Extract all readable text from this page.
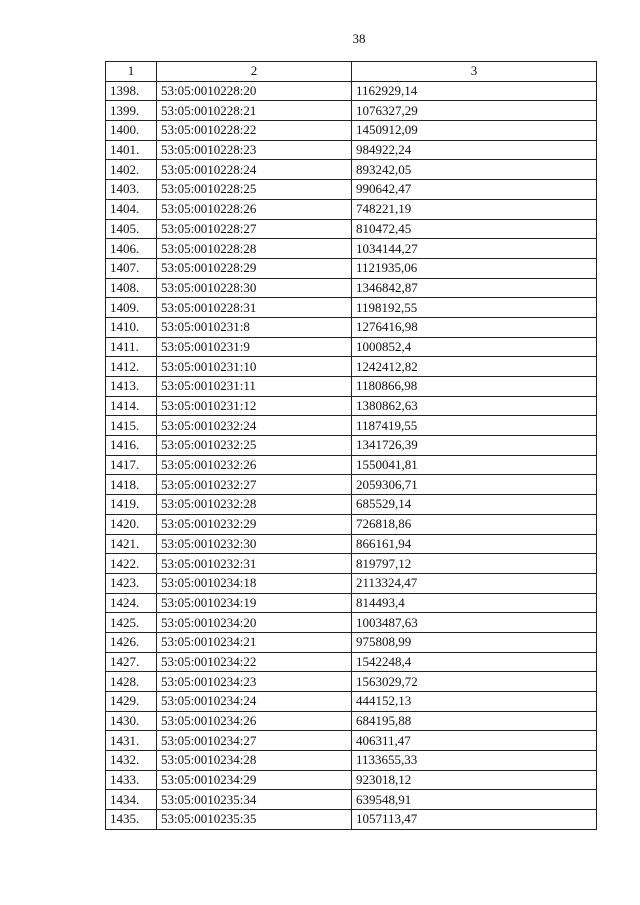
38
1	2	3
1398.	53:05:0010228:20	1162929,14
1399.	53:05:0010228:21	1076327,29
1400.	53:05:0010228:22	1450912,09
1401.	53:05:0010228:23	984922,24
1402.	53:05:0010228:24	893242,05
1403.	53:05:0010228:25	990642,47
1404.	53:05:0010228:26	748221,19
1405.	53:05:0010228:27	810472,45
1406.	53:05:0010228:28	1034144,27
1407.	53:05:0010228:29	1121935,06
1408.	53:05:0010228:30	1346842,87
1409.	53:05:0010228:31	1198192,55
1410.	53:05:0010231:8	1276416,98
1411.	53:05:0010231:9	1000852,4
1412.	53:05:0010231:10	1242412,82
1413.	53:05:0010231:11	1180866,98
1414.	53:05:0010231:12	1380862,63
1415.	53:05:0010232:24	1187419,55
1416.	53:05:0010232:25	1341726,39
1417.	53:05:0010232:26	1550041,81
1418.	53:05:0010232:27	2059306,71
1419.	53:05:0010232:28	685529,14
1420.	53:05:0010232:29	726818,86
1421.	53:05:0010232:30	866161,94
1422.	53:05:0010232:31	819797,12
1423.	53:05:0010234:18	2113324,47
1424.	53:05:0010234:19	814493,4
1425.	53:05:0010234:20	1003487,63
1426.	53:05:0010234:21	975808,99
1427.	53:05:0010234:22	1542248,4
1428.	53:05:0010234:23	1563029,72
1429.	53:05:0010234:24	444152,13
1430.	53:05:0010234:26	684195,88
1431.	53:05:0010234:27	406311,47
1432.	53:05:0010234:28	1133655,33
1433.	53:05:0010234:29	923018,12
1434.	53:05:0010235:34	639548,91
1435.	53:05:0010235:35	1057113,47
